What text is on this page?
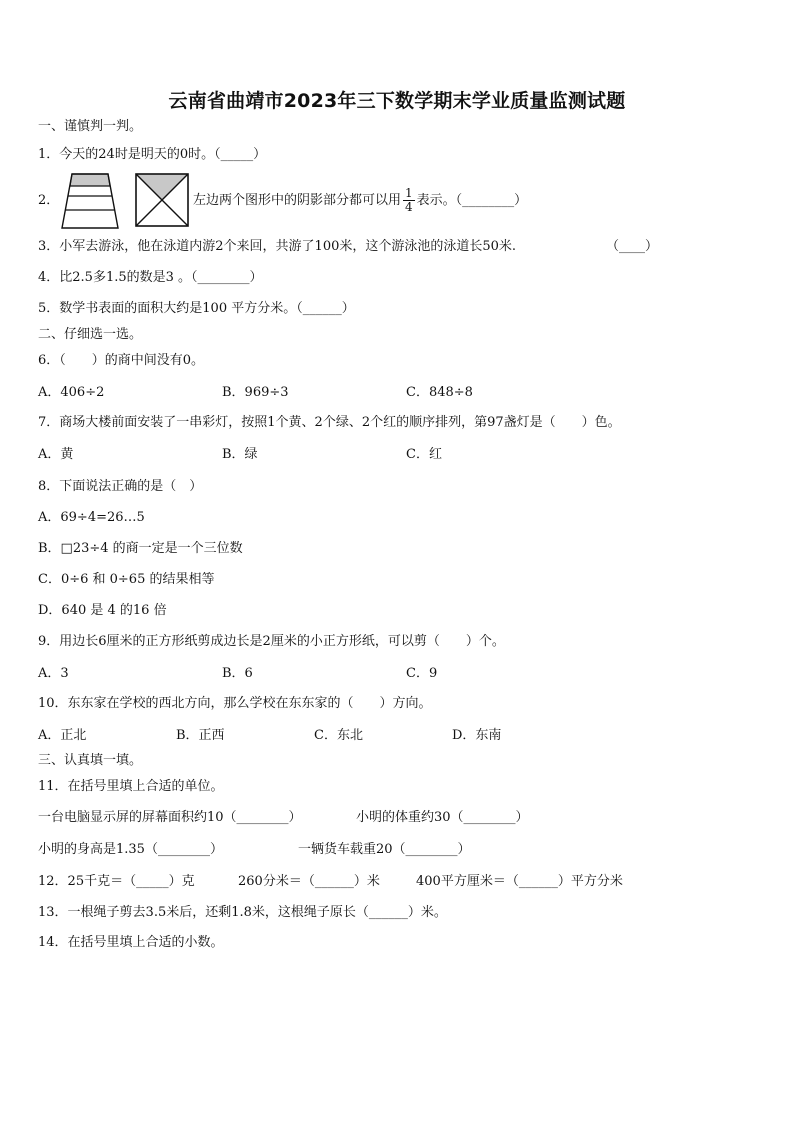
云南省曲靖市2023年三下数学期末学业质量监测试题
一、谨慎判一判。
1．今天的24时是明天的0时。（_____）
2．	左边两个图形中的阴影部分都可以用 $\frac{1}{4}$ 表示。（________）
3．小军去游泳，他在泳道内游2个来回，共游了100米，这个游泳池的泳道长50米.	（____）
4．比2.5多1.5的数是3 。（________）
5．数学书表面的面积大约是100 平方分米。（______）
二、仔细选一选。
6．（　　）的商中间没有0。
A．406÷2	B．969÷3	C．848÷8
7．商场大楼前面安装了一串彩灯，按照1个黄、2个绿、2个红的顺序排列，第97盏灯是（　　）色。
A．黄	B．绿	C．红
8．下面说法正确的是（　）
A．69÷4=26…5
B．□23÷4 的商一定是一个三位数
C．0÷6 和 0÷65 的结果相等
D．640 是 4 的16 倍
9．用边长6厘米的正方形纸剪成边长是2厘米的小正方形纸，可以剪（　　）个。
A．3	B．6	C．9
10．东东家在学校的西北方向，那么学校在东东家的（　　）方向。
A．正北	B．正西	C．东北	D．东南
三、认真填一填。
11．在括号里填上合适的单位。
一台电脑显示屏的屏幕面积约10（________）	小明的体重约30（________）
小明的身高是1.35（________）	一辆货车载重20（________）
12．25千克＝（_____）克	260分米＝（______）米	400平方厘米＝（______）平方分米
13．一根绳子剪去3.5米后，还剩1.8米，这根绳子原长（______）米。
14．在括号里填上合适的小数。
